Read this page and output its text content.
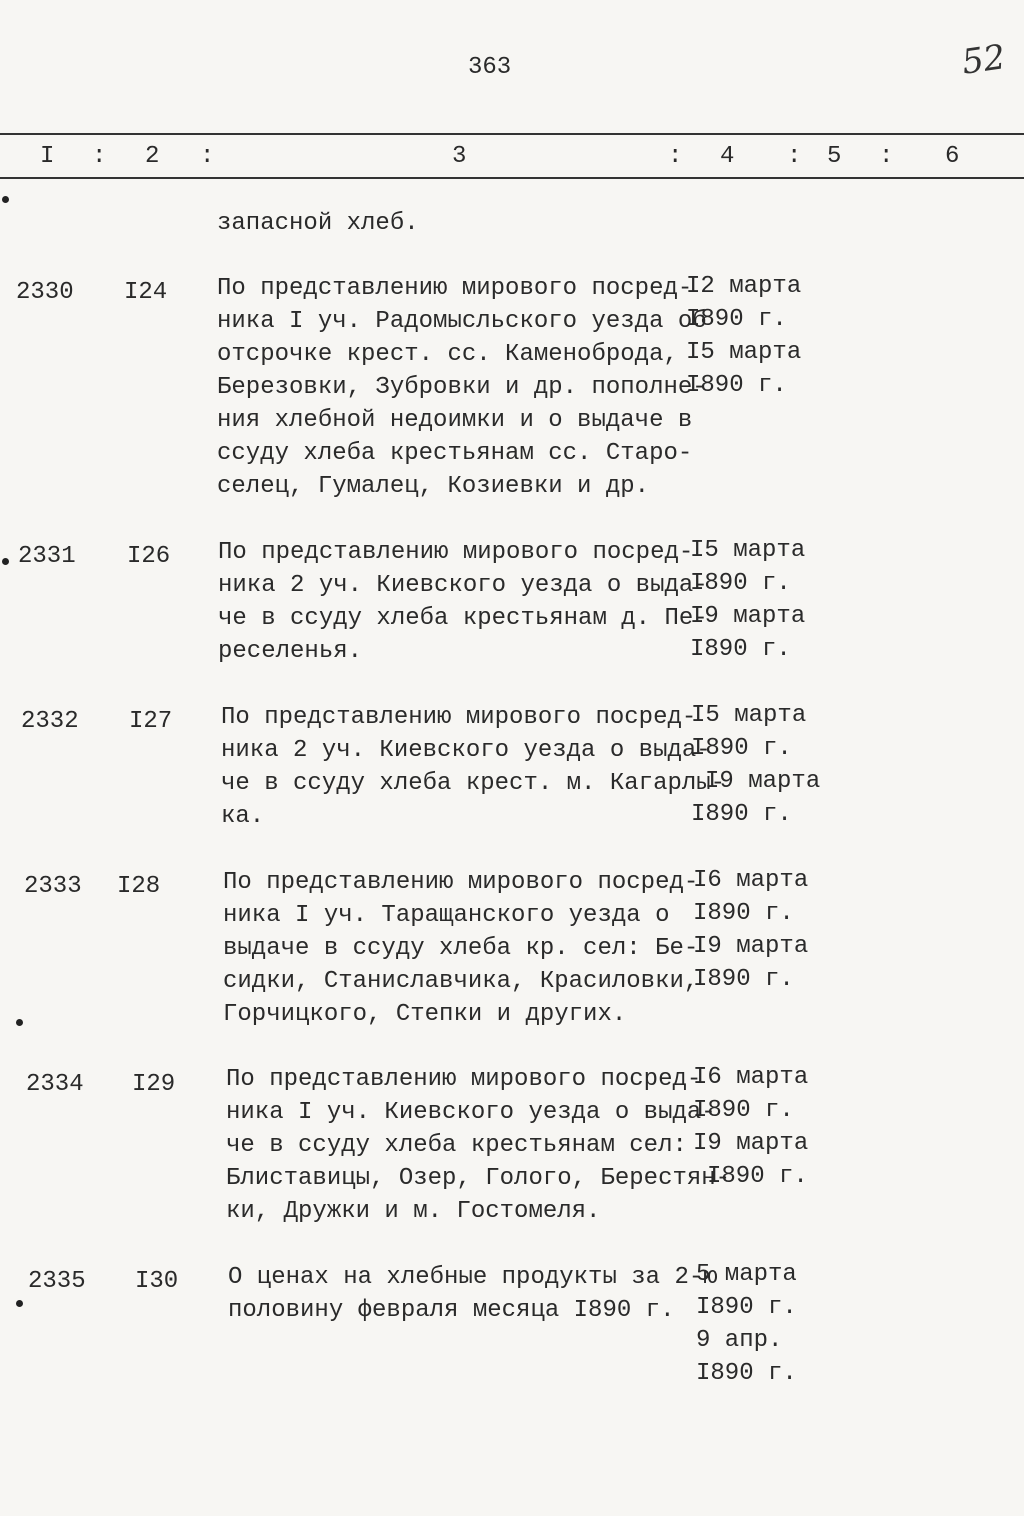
363	52
I : 2 :	3	: 4 : 5 : 6
запасной хлеб.
2330 I24 По представлению мирового посред-
ника I уч. Радомысльского уезда об
отсрочке крест. сс. Каменоброда,
Березовки, Зубровки и др. пополне-
ния хлебной недоимки и о выдаче в
ссуду хлеба крестьянам сс. Старо-
селец, Гумалец, Козиевки и др.
I2 марта
I890 г.
I5 марта
I890 г.
2331 I26 По представлению мирового посред-
ника 2 уч. Киевского уезда о выда-
че в ссуду хлеба крестьянам д. Пе-
реселенья.
I5 марта
I890 г.
I9 марта
I890 г.
2332 I27 По представлению мирового посред-
ника 2 уч. Киевского уезда о выда-
че в ссуду хлеба крест. м. Кагарлы-
ка.
I5 марта
I890 г.
I9 марта
I890 г.
2333 I28	По представлению мирового посред-
ника I уч. Таращанского уезда о
выдаче в ссуду хлеба кр. сел: Бе-
сидки, Станиславчика, Красиловки,
Горчицкого, Степки и других.
I6 марта
I890 г.
I9 марта
I890 г.
2334 I29 По представлению мирового посред-
ника I уч. Киевского уезда о выда-
че в ссуду хлеба крестьянам сел:
Блиставицы, Озер, Гологo, Берестян-
ки, Дружки и м. Гостомеля.
I6 марта
I890 г.
I9 марта
I890 г.
2335 I30 О ценах на хлебные продукты за 2-ю
половину февраля месяца I890 г.
5 марта
I890 г.
9 апр.
I890 г.
